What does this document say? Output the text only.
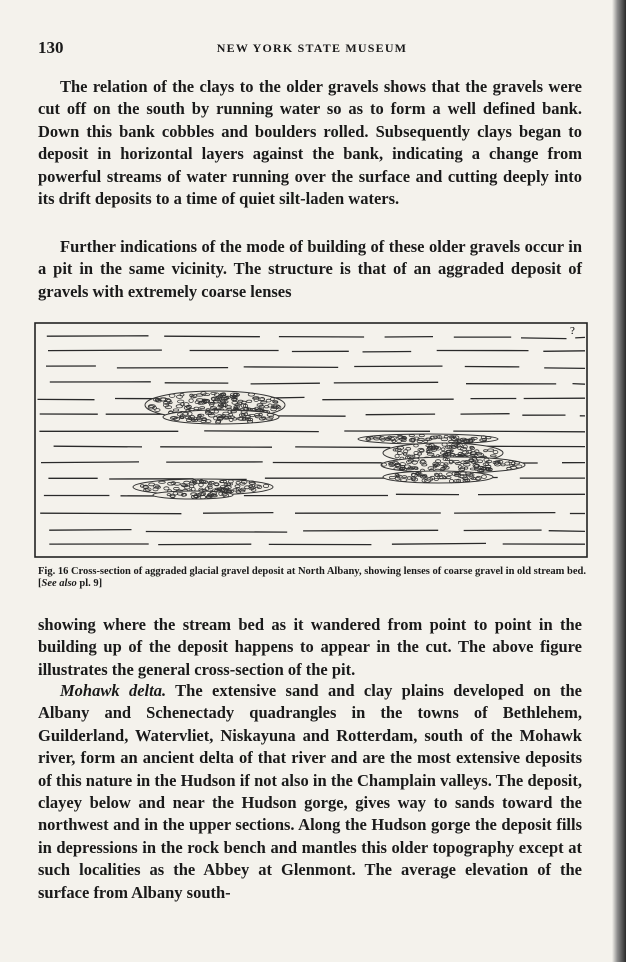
130	NEW YORK STATE MUSEUM

The relation of the clays to the older gravels shows that the gravels were cut off on the south by running water so as to form a well defined bank. Down this bank cobbles and boulders rolled. Subsequently clays began to deposit in horizontal layers against the bank, indicating a change from powerful streams of water running over the surface and cutting deeply into its drift deposits to a time of quiet silt-laden waters.

Further indications of the mode of building of these older gravels occur in a pit in the same vicinity. The structure is that of an aggraded deposit of gravels with extremely coarse lenses

?
Fig. 16 Cross-section of aggraded glacial gravel deposit at North Albany, showing lenses of coarse gravel in old stream bed. [See also pl. 9]

showing where the stream bed as it wandered from point to point in the building up of the deposit happens to appear in the cut. The above figure illustrates the general cross-section of the pit.

Mohawk delta. The extensive sand and clay plains developed on the Albany and Schenectady quadrangles in the towns of Bethlehem, Guilderland, Watervliet, Niskayuna and Rotterdam, south of the Mohawk river, form an ancient delta of that river and are the most extensive deposits of this nature in the Hudson if not also in the Champlain valleys. The deposit, clayey below and near the Hudson gorge, gives way to sands toward the northwest and in the upper sections. Along the Hudson gorge the deposit fills in depressions in the rock bench and mantles this older topography except at such localities as the Abbey at Glenmont. The average elevation of the surface from Albany south-
